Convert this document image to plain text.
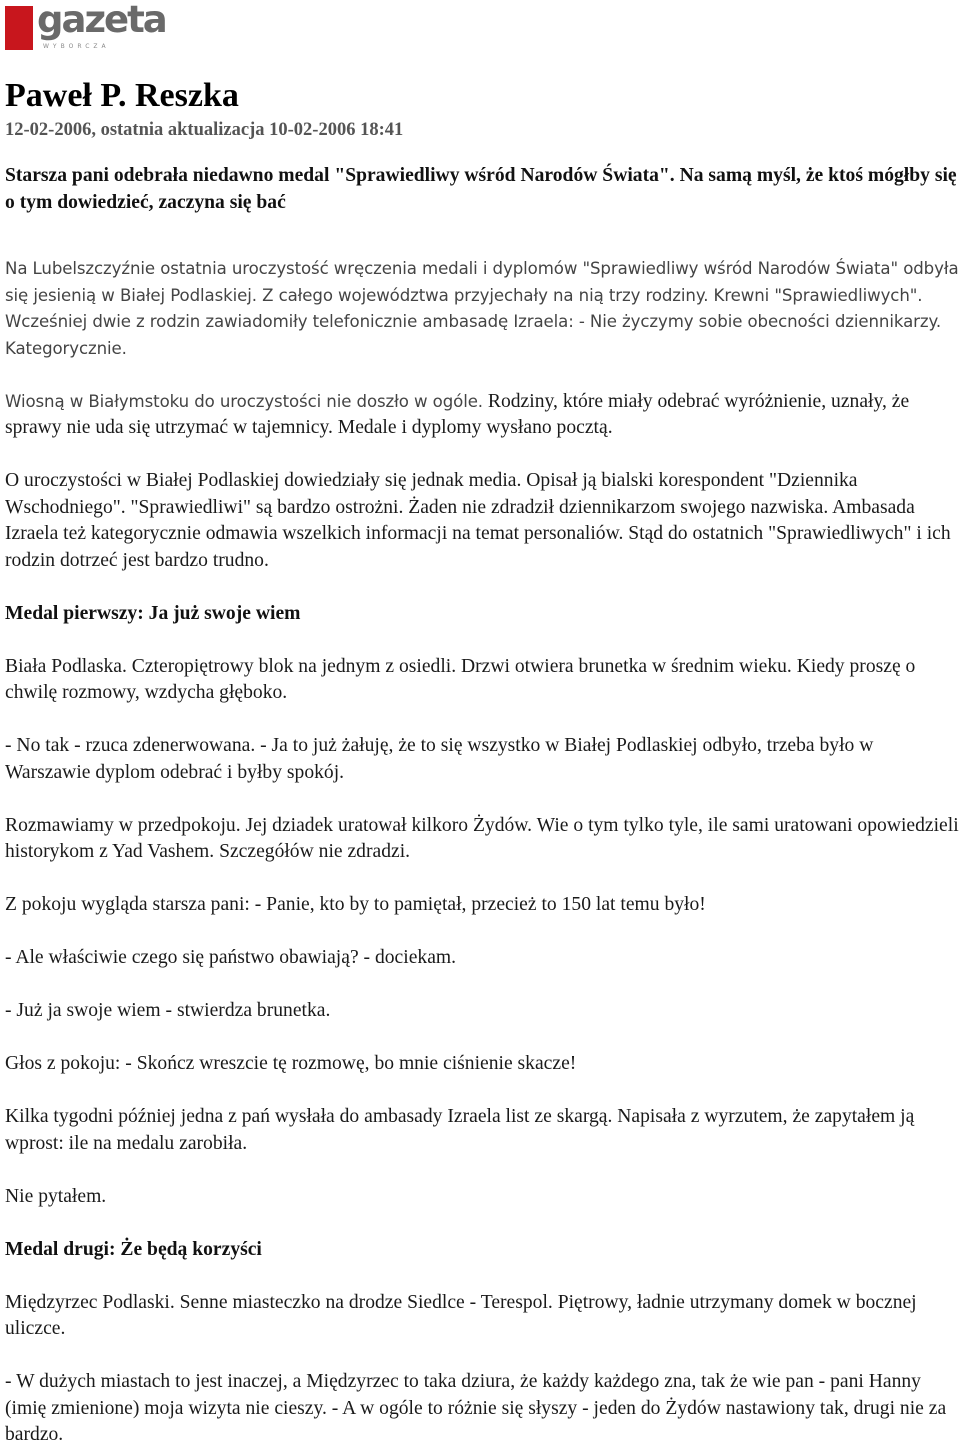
gazeta
WYBORCZA
Paweł P. Reszka
12-02-2006, ostatnia aktualizacja 10-02-2006 18:41

Starsza pani odebrała niedawno medal "Sprawiedliwy wśród Narodów Świata". Na samą myśl, że ktoś mógłby się o tym dowiedzieć, zaczyna się bać

Na Lubelszczyźnie ostatnia uroczystość wręczenia medali i dyplomów "Sprawiedliwy wśród Narodów Świata" odbyła się jesienią w Białej Podlaskiej. Z całego województwa przyjechały na nią trzy rodziny. Krewni "Sprawiedliwych". Wcześniej dwie z rodzin zawiadomiły telefonicznie ambasadę Izraela: - Nie życzymy sobie obecności dziennikarzy. Kategorycznie.

Wiosną w Białymstoku do uroczystości nie doszło w ogóle. Rodziny, które miały odebrać wyróżnienie, uznały, że sprawy nie uda się utrzymać w tajemnicy. Medale i dyplomy wysłano pocztą.

O uroczystości w Białej Podlaskiej dowiedziały się jednak media. Opisał ją bialski korespondent "Dziennika Wschodniego". "Sprawiedliwi" są bardzo ostrożni. Żaden nie zdradził dziennikarzom swojego nazwiska. Ambasada Izraela też kategorycznie odmawia wszelkich informacji na temat personaliów. Stąd do ostatnich "Sprawiedliwych" i ich rodzin dotrzeć jest bardzo trudno.

Medal pierwszy: Ja już swoje wiem

Biała Podlaska. Czteropiętrowy blok na jednym z osiedli. Drzwi otwiera brunetka w średnim wieku. Kiedy proszę o chwilę rozmowy, wzdycha głęboko.

- No tak - rzuca zdenerwowana. - Ja to już żałuję, że to się wszystko w Białej Podlaskiej odbyło, trzeba było w Warszawie dyplom odebrać i byłby spokój.

Rozmawiamy w przedpokoju. Jej dziadek uratował kilkoro Żydów. Wie o tym tylko tyle, ile sami uratowani opowiedzieli historykom z Yad Vashem. Szczegółów nie zdradzi.

Z pokoju wygląda starsza pani: - Panie, kto by to pamiętał, przecież to 150 lat temu było!

- Ale właściwie czego się państwo obawiają? - dociekam.

- Już ja swoje wiem - stwierdza brunetka.

Głos z pokoju: - Skończ wreszcie tę rozmowę, bo mnie ciśnienie skacze!

Kilka tygodni później jedna z pań wysłała do ambasady Izraela list ze skargą. Napisała z wyrzutem, że zapytałem ją wprost: ile na medalu zarobiła.

Nie pytałem.

Medal drugi: Że będą korzyści

Międzyrzec Podlaski. Senne miasteczko na drodze Siedlce - Terespol. Piętrowy, ładnie utrzymany domek w bocznej uliczce.

- W dużych miastach to jest inaczej, a Międzyrzec to taka dziura, że każdy każdego zna, tak że wie pan - pani Hanny (imię zmienione) moja wizyta nie cieszy. - A w ogóle to różnie się słyszy - jeden do Żydów nastawiony tak, drugi nie za bardzo.
